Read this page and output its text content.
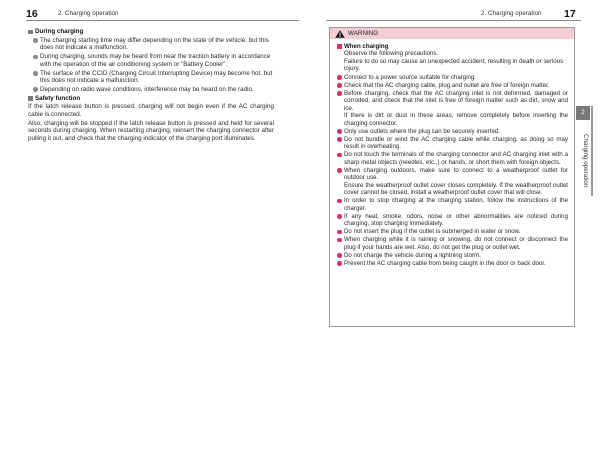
16	2. Charging operation	2. Charging operation 17
During charging
The charging starting time may differ depending on the state of the vehicle, but this does not indicate a malfunction.
During charging, sounds may be heard from near the traction battery in accordance with the operation of the air conditioning system or "Battery Cooler".
The surface of the CCID (Charging Circuit Interrupting Device) may become hot, but this does not indicate a malfunction.
Depending on radio wave conditions, interference may be heard on the radio.
Safety function

If the latch release button is pressed, charging will not begin even if the AC charging cable is connected.

Also, charging will be stopped if the latch release button is pressed and held for several seconds during charging. When restarting charging, reinsert the charging connector after pulling it out, and check that the charging indicator of the charging port illuminates.

WARNING
When charging

Observe the following precautions.
Failure to do so may cause an unexpected accident, resulting in death or serious injury.

Connect to a power source suitable for charging.
Check that the AC charging cable, plug and outlet are free of foreign matter.
Before charging, check that the AC charging inlet is not deformed, damaged or corroded, and check that the inlet is free of foreign matter such as dirt, snow and ice.
If there is dirt or dust in these areas, remove completely before inserting the charging connector.
Only use outlets where the plug can be securely inserted.
Do not bundle or wind the AC charging cable while charging, as doing so may result in overheating.
Do not touch the terminals of the charging connector and AC charging inlet with a sharp metal objects (needles, etc.,) or hands, or short them with foreign objects.
When charging outdoors, make sure to connect to a weatherproof outlet for outdoor use.
Ensure the weatherproof outlet cover closes completely. If the weatherproof outlet cover cannot be closed, install a weatherproof outlet cover that will close.
In order to stop charging at the charging station, follow the instructions of the charger.
If any heat, smoke, odors, noise or other abnormalities are noticed during charging, stop charging immediately.
Do not insert the plug if the outlet is submerged in water or snow.
When charging while it is raining or snowing, do not connect or disconnect the plug if your hands are wet. Also, do not get the plug or outlet wet.
Do not charge the vehicle during a lightning storm.
Prevent the AC charging cable from being caught in the door or back door.
2
Charging operation
